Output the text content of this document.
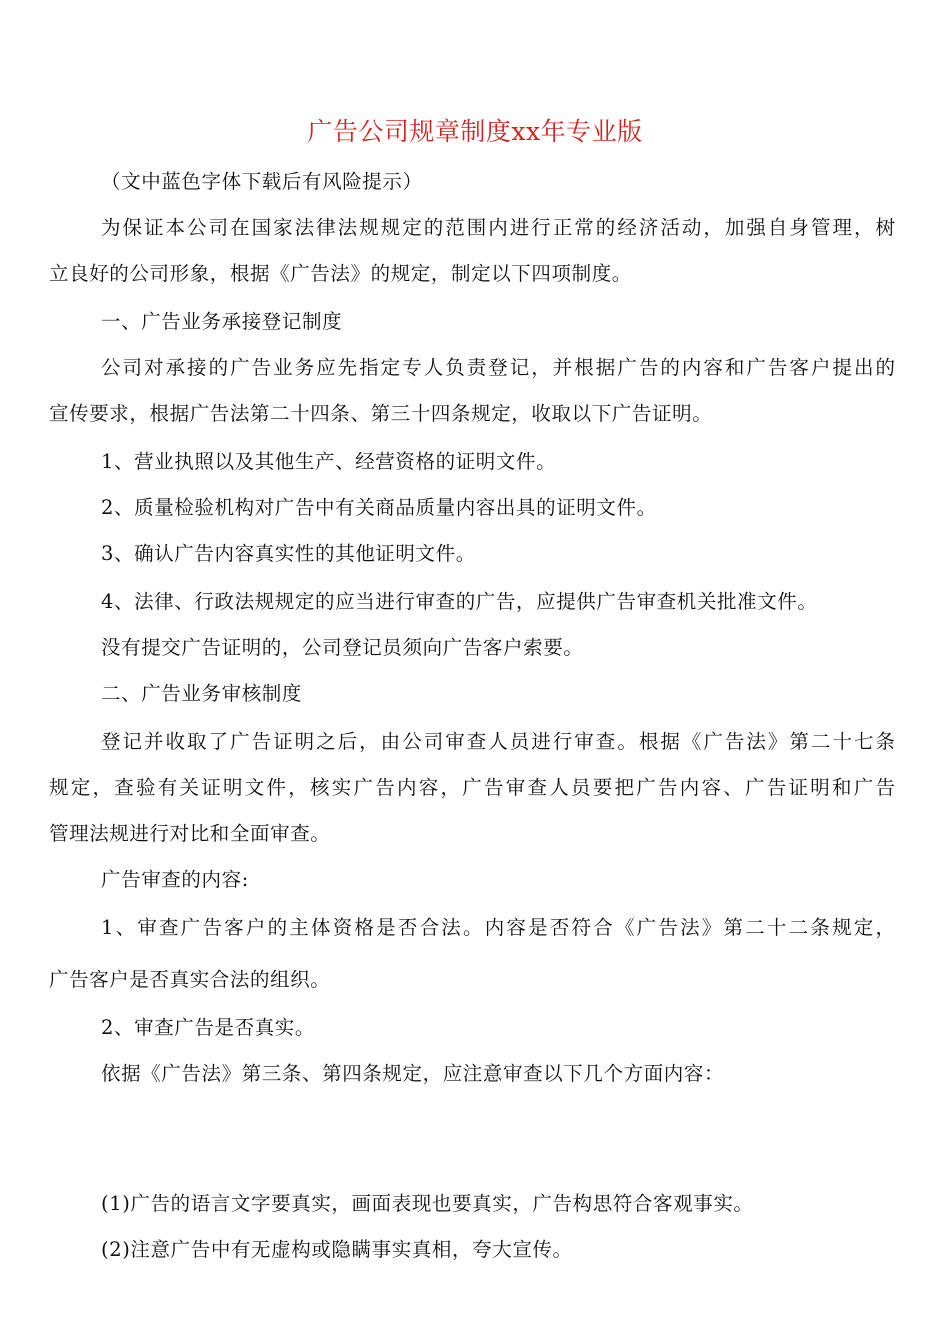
广告公司规章制度xx年专业版
（文中蓝色字体下载后有风险提示）
为保证本公司在国家法律法规规定的范围内进行正常的经济活动，加强自身管理，树
立良好的公司形象，根据《广告法》的规定，制定以下四项制度。
一、广告业务承接登记制度
公司对承接的广告业务应先指定专人负责登记，并根据广告的内容和广告客户提出的
宣传要求，根据广告法第二十四条、第三十四条规定，收取以下广告证明。
1、营业执照以及其他生产、经营资格的证明文件。
2、质量检验机构对广告中有关商品质量内容出具的证明文件。
3、确认广告内容真实性的其他证明文件。
4、法律、行政法规规定的应当进行审查的广告，应提供广告审查机关批准文件。
没有提交广告证明的，公司登记员须向广告客户索要。
二、广告业务审核制度
登记并收取了广告证明之后，由公司审查人员进行审查。根据《广告法》第二十七条
规定，查验有关证明文件，核实广告内容，广告审查人员要把广告内容、广告证明和广告
管理法规进行对比和全面审查。
广告审查的内容:
1、审查广告客户的主体资格是否合法。内容是否符合《广告法》第二十二条规定，
广告客户是否真实合法的组织。
2、审查广告是否真实。
依据《广告法》第三条、第四条规定，应注意审查以下几个方面内容：
(1)广告的语言文字要真实，画面表现也要真实，广告构思符合客观事实。
(2)注意广告中有无虚构或隐瞒事实真相，夸大宣传。
